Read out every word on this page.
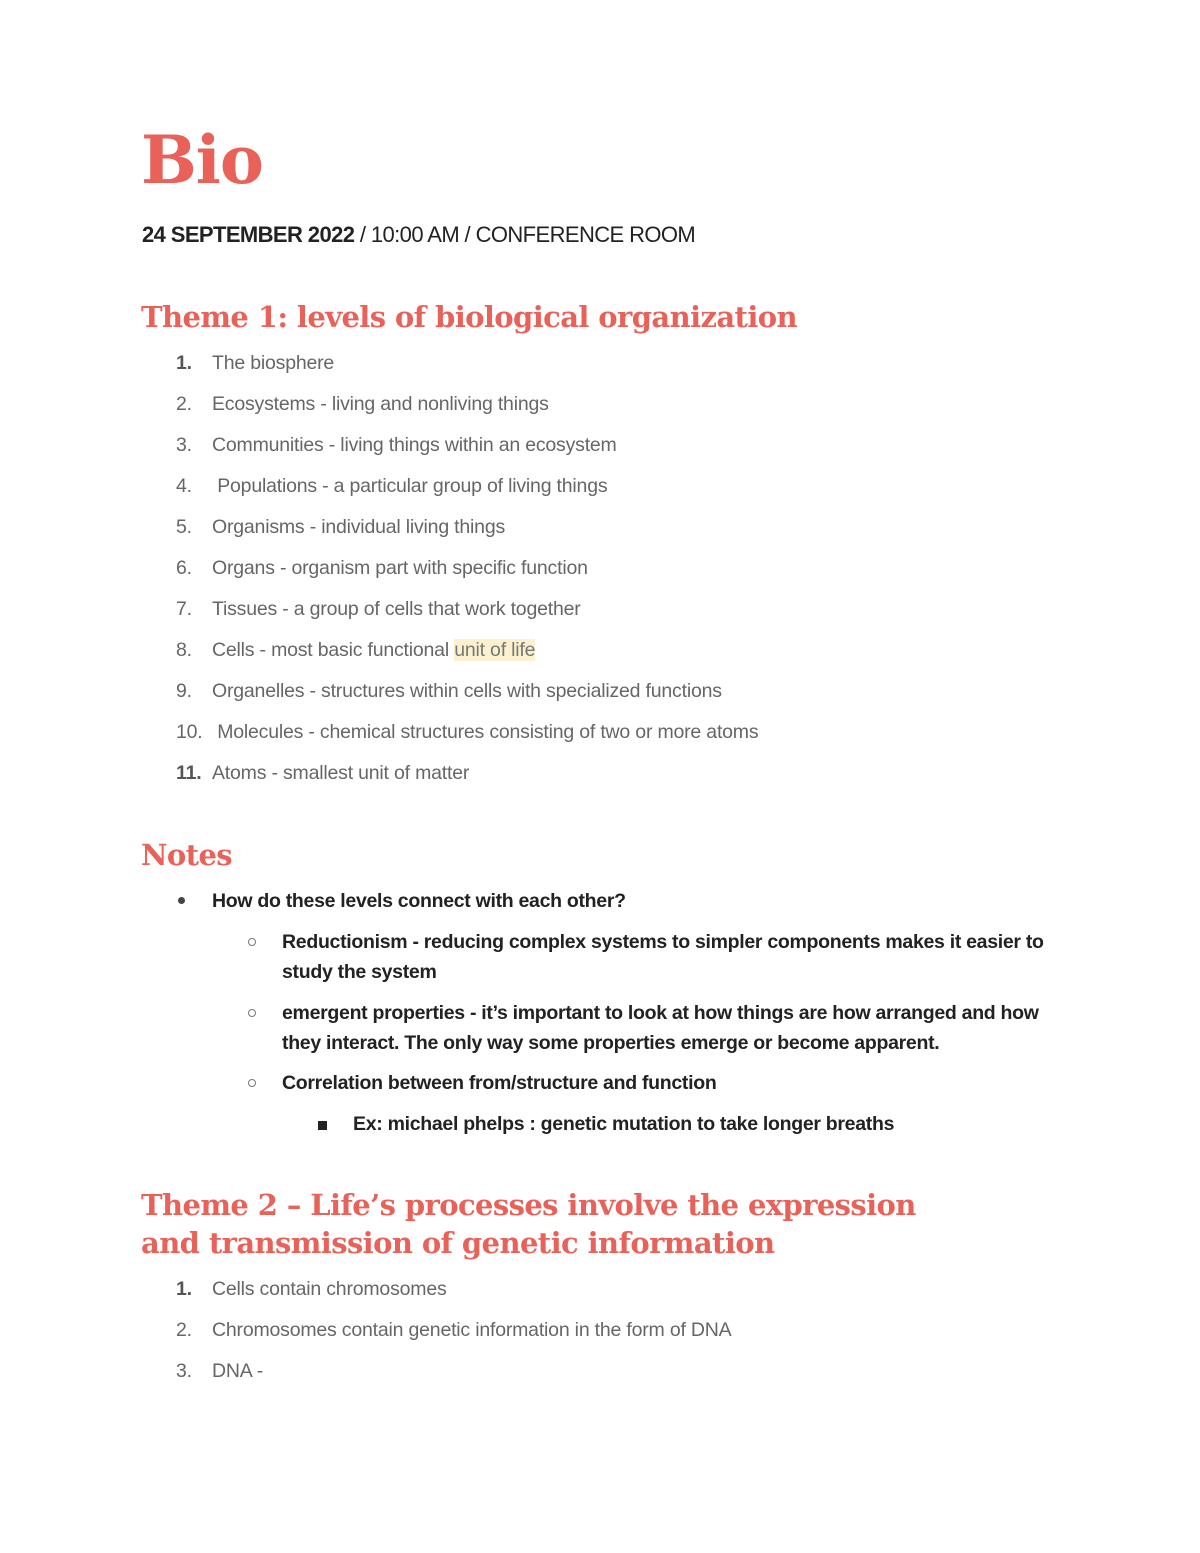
Bio
24 SEPTEMBER 2022 / 10:00 AM / CONFERENCE ROOM
Theme 1: levels of biological organization
1. The biosphere
2. Ecosystems - living and nonliving things
3. Communities - living things within an ecosystem
4. Populations - a particular group of living things
5. Organisms - individual living things
6. Organs - organism part with specific function
7. Tissues - a group of cells that work together
8. Cells - most basic functional unit of life
9. Organelles - structures within cells with specialized functions
10. Molecules - chemical structures consisting of two or more atoms
11. Atoms - smallest unit of matter
Notes
How do these levels connect with each other?
Reductionism - reducing complex systems to simpler components makes it easier to study the system
emergent properties - it’s important to look at how things are how arranged and how they interact. The only way some properties emerge or become apparent.
Correlation between from/structure and function
Ex: michael phelps : genetic mutation to take longer breaths
Theme 2 – Life’s processes involve the expression and transmission of genetic information
1. Cells contain chromosomes
2. Chromosomes contain genetic information in the form of DNA
3. DNA -
